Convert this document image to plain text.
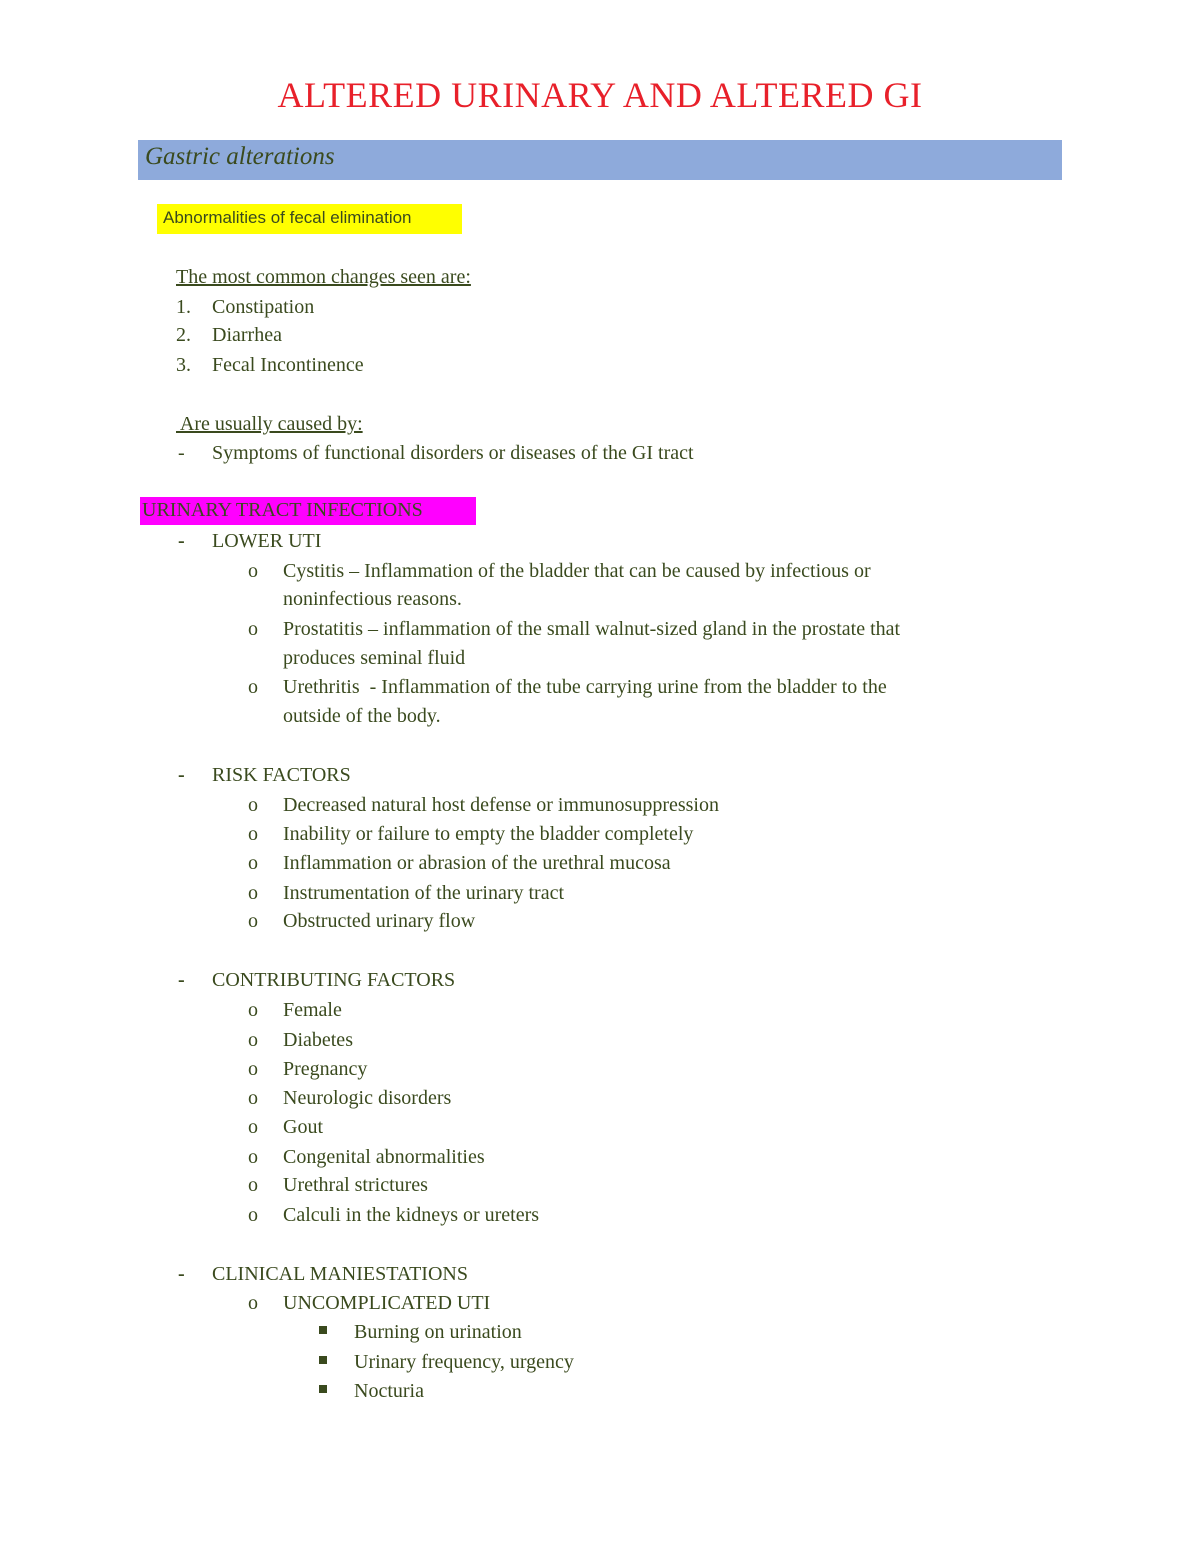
ALTERED URINARY AND ALTERED GI
Gastric alterations
Abnormalities of fecal elimination
The most common changes seen are:
1. Constipation
2. Diarrhea
3. Fecal Incontinence
Are usually caused by:
- Symptoms of functional disorders or diseases of the GI tract
URINARY TRACT INFECTIONS
- LOWER UTI
o Cystitis – Inflammation of the bladder that can be caused by infectious or
noninfectious reasons.
o Prostatitis – inflammation of the small walnut-sized gland in the prostate that
produces seminal fluid
o Urethritis  - Inflammation of the tube carrying urine from the bladder to the
outside of the body.
- RISK FACTORS
o Decreased natural host defense or immunosuppression
o Inability or failure to empty the bladder completely
o Inflammation or abrasion of the urethral mucosa
o Instrumentation of the urinary tract
o Obstructed urinary flow
- CONTRIBUTING FACTORS
o Female
o Diabetes
o Pregnancy
o Neurologic disorders
o Gout
o Congenital abnormalities
o Urethral strictures
o Calculi in the kidneys or ureters
- CLINICAL MANIESTATIONS
o UNCOMPLICATED UTI
Burning on urination
Urinary frequency, urgency
Nocturia
